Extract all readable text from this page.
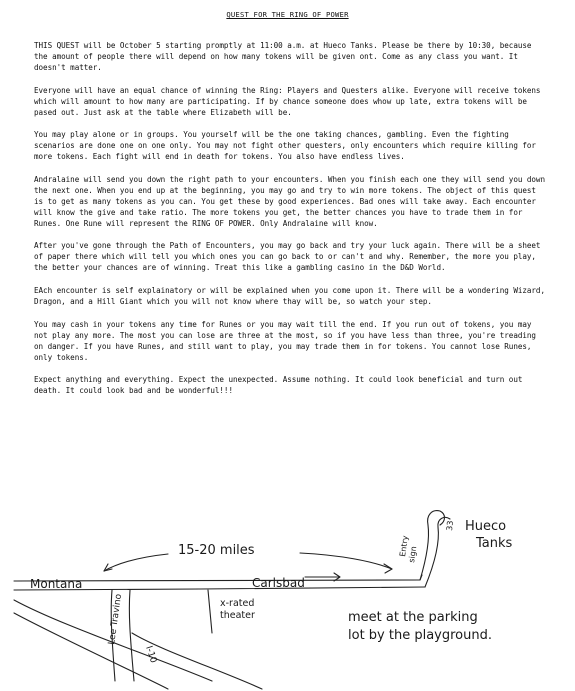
QUEST FOR THE RING OF POWER

THIS QUEST will be October 5 starting promptly at 11:00 a.m. at Hueco Tanks. Please be there by 10:30, because the amount of people there will depend on how many tokens will be given ont. Come as any class you want. It doesn't matter.

Everyone will have an equal chance of winning the Ring: Players and Questers alike. Everyone will receive tokens which will amount to how many are participating. If by chance someone does whow up late, extra tokens will be pased out. Just ask at the table where Elizabeth will be.

You may play alone or in groups. You yourself will be the one taking chances, gambling. Even the fighting scenarios are done one on one only. You may not fight other questers, only encounters which require killing for more tokens. Each fight will end in death for tokens. You also have endless lives.

Andralaine will send you down the right path to your encounters. When you finish each one they will send you down the next one. When you end up at the beginning, you may go and try to win more tokens. The object of this quest is to get as many tokens as you can. You get these by good experiences. Bad ones will take away. Each encounter will know the give and take ratio. The more tokens you get, the better chances you have to trade them in for Runes. One Rune will represent the RING OF POWER. Only Andralaine will know.

After you've gone through the Path of Encounters, you may go back and try your luck again. There will be a sheet of paper there which will tell you which ones you can go back to or can't and why. Remember, the more you play, the better your chances are of winning. Treat this like a gambling casino in the D&D World.

EAch encounter is self explainatory or will be explained when you come upon it. There will be a wondering Wizard, Dragon, and a Hill Giant which you will not know where thay will be, so watch your step.

You may cash in your tokens any time for Runes or you may wait till the end. If you run out of tokens, you may not play any more. The most you can lose are three at the most, so if you have less than three, you're treading on danger. If you have Runes, and still want to play, you may trade them in for tokens. You cannot lose Runes, only tokens.

Expect anything and everything. Expect the unexpected. Assume nothing. It could look beneficial and turn out death. It could look bad and be wonderful!!!

15-20 miles
Montana	Carlsbad
Lee Travino
I-10
x-rated
theater
Entry
sign
33 Hueco
Tanks
meet at the parking
lot by the playground.
